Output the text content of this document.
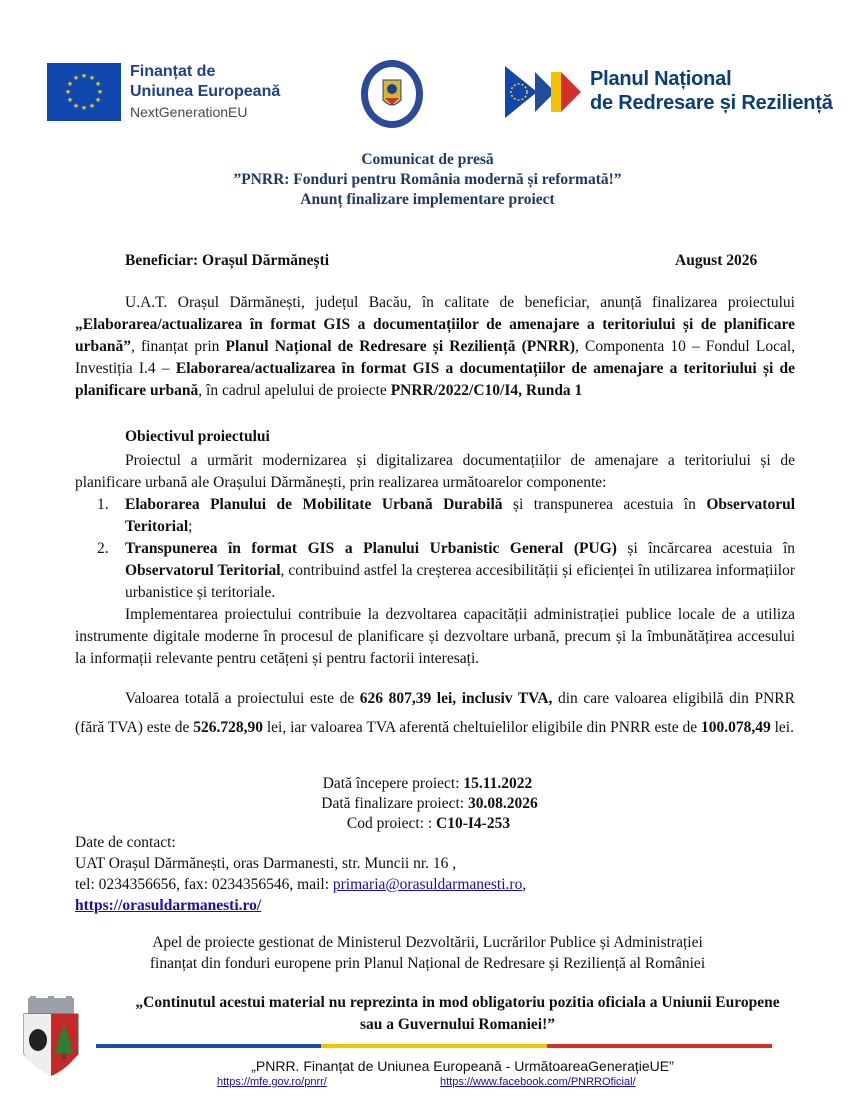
★ ★
★
★
★
★
★
★
★
★
★
★	Finanțat de
Uniunea Europeană
NextGenerationEU
Planul Național
de Redresare și Reziliență
Comunicat de presă
”PNRR: Fonduri pentru România modernă și reformată!”
Anunț finalizare implementare proiect
Beneficiar: Orașul Dărmănești	August 2026
U.A.T. Orașul Dărmănești, județul Bacău, în calitate de beneficiar, anunță finalizarea proiectului „Elaborarea/actualizarea în format GIS a documentațiilor de amenajare a teritoriului și de planificare urbană”, finanțat prin Planul Național de Redresare și Reziliență (PNRR), Componenta 10 – Fondul Local, Investiția I.4 – Elaborarea/actualizarea în format GIS a documentațiilor de amenajare a teritoriului și de planificare urbană, în cadrul apelului de proiecte PNRR/2022/C10/I4, Runda 1
Obiectivul proiectului
Proiectul a urmărit modernizarea și digitalizarea documentațiilor de amenajare a teritoriului și de planificare urbană ale Orașului Dărmănești, prin realizarea următoarelor componente:
1. Elaborarea Planului de Mobilitate Urbană Durabilă și transpunerea acestuia în Observatorul Teritorial;
2. Transpunerea în format GIS a Planului Urbanistic General (PUG) și încărcarea acestuia în Observatorul Teritorial, contribuind astfel la creșterea accesibilității și eficienței în utilizarea informațiilor urbanistice și teritoriale.
Implementarea proiectului contribuie la dezvoltarea capacității administrației publice locale de a utiliza instrumente digitale moderne în procesul de planificare și dezvoltare urbană, precum și la îmbunătățirea accesului la informații relevante pentru cetățeni și pentru factorii interesați.
Valoarea totală a proiectului este de 626 807,39 lei, inclusiv TVA, din care valoarea eligibilă din PNRR (fără TVA) este de 526.728,90 lei, iar valoarea TVA aferentă cheltuielilor eligibile din PNRR este de 100.078,49 lei.
Dată începere proiect: 15.11.2022
Dată finalizare proiect: 30.08.2026
Cod proiect: : C10-I4-253
Date de contact:
UAT Orașul Dărmănești, oras Darmanesti, str. Muncii nr. 16 ,
tel: 0234356656, fax: 0234356546, mail: primaria@orasuldarmanesti.ro,
https://orasuldarmanesti.ro/
Apel de proiecte gestionat de Ministerul Dezvoltării, Lucrărilor Publice și Administrației
finanțat din fonduri europene prin Planul Național de Redresare și Reziliență al României
„Continutul acestui material nu reprezinta in mod obligatoriu pozitia oficiala a Uniunii Europene
sau a Guvernului Romaniei!”
„PNRR. Finanțat de Uniunea Europeană - UrmătoareaGenerațieUE”
https://mfe.gov.ro/pnrr/	https://www.facebook.com/PNRROficial/
